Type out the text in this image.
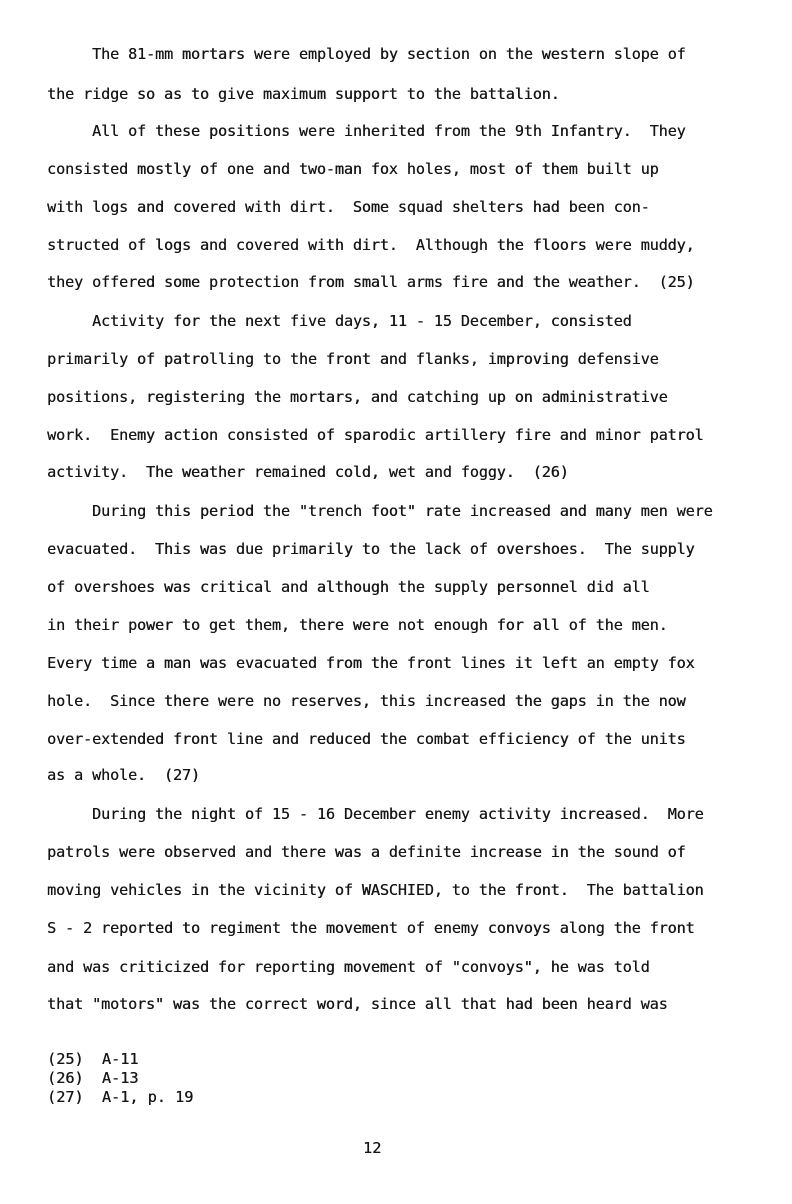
The 81-mm mortars were employed by section on the western slope of
the ridge so as to give maximum support to the battalion.
All of these positions were inherited from the 9th Infantry.  They
consisted mostly of one and two-man fox holes, most of them built up
with logs and covered with dirt.  Some squad shelters had been con-
structed of logs and covered with dirt.  Although the floors were muddy,
they offered some protection from small arms fire and the weather.  (25)
Activity for the next five days, 11 - 15 December, consisted
primarily of patrolling to the front and flanks, improving defensive
positions, registering the mortars, and catching up on administrative
work.  Enemy action consisted of sparodic artillery fire and minor patrol
activity.  The weather remained cold, wet and foggy.  (26)
During this period the "trench foot" rate increased and many men were
evacuated.  This was due primarily to the lack of overshoes.  The supply
of overshoes was critical and although the supply personnel did all
in their power to get them, there were not enough for all of the men.
Every time a man was evacuated from the front lines it left an empty fox
hole.  Since there were no reserves, this increased the gaps in the now
over-extended front line and reduced the combat efficiency of the units
as a whole.  (27)
During the night of 15 - 16 December enemy activity increased.  More
patrols were observed and there was a definite increase in the sound of
moving vehicles in the vicinity of WASCHIED, to the front.  The battalion
S - 2 reported to regiment the movement of enemy convoys along the front
and was criticized for reporting movement of "convoys", he was told
that "motors" was the correct word, since all that had been heard was
(25)  A-11
(26)  A-13
(27)  A-1, p. 19
12
